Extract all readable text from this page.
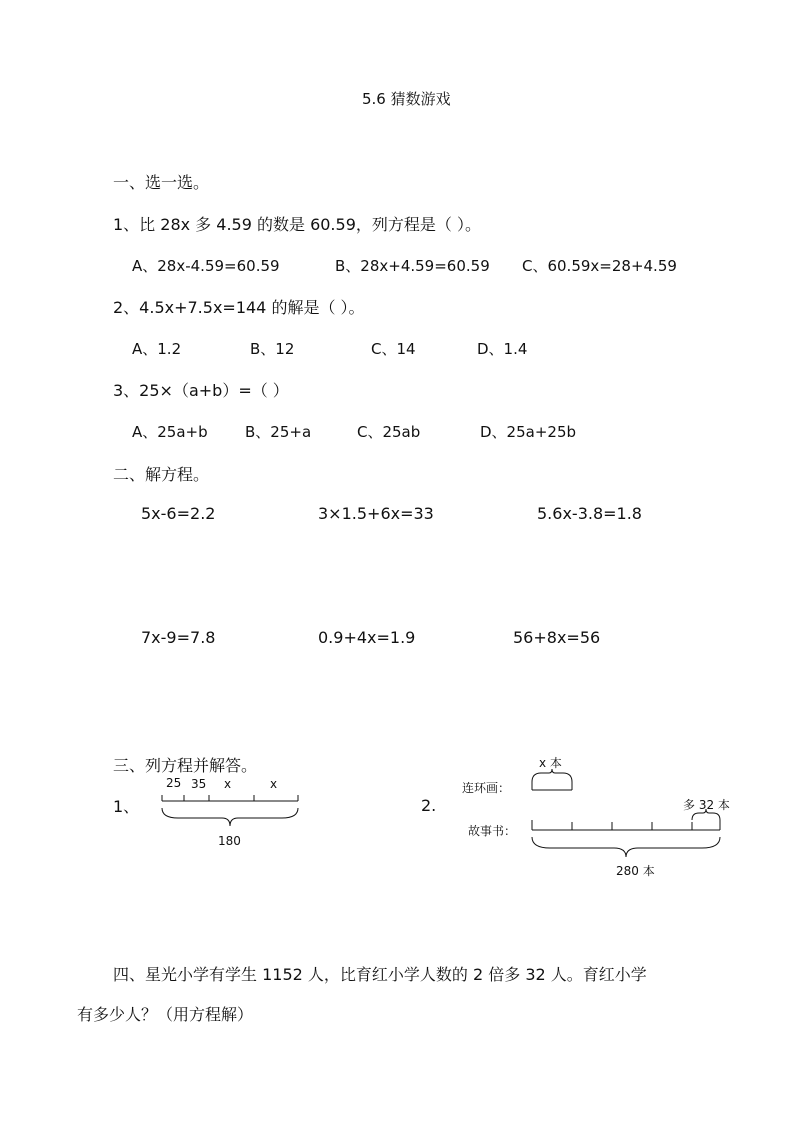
5.6 猜数游戏
一、选一选。
1、比 28x 多 4.59 的数是 60.59，列方程是（ ）。
A、28x-4.59=60.59	B、28x+4.59=60.59 C、60.59x=28+4.59
2、4.5x+7.5x=144 的解是（ ）。
A、1.2	B、12	C、14	D、1.4
3、25×（a+b）=（ ）
A、25a+b B、25+a	C、25ab	D、25a+25b
二、解方程。
5x-6=2.2	3×1.5+6x=33	5.6x-3.8=1.8
7x-9=7.8	0.9+4x=1.9	56+8x=56
三、列方程并解答。
1、
25 35 x	x
180
2.
x 本
连环画：
多 32 本
故事书：
280 本
四、星光小学有学生 1152 人，比育红小学人数的 2 倍多 32 人。育红小学
有多少人？（用方程解）
